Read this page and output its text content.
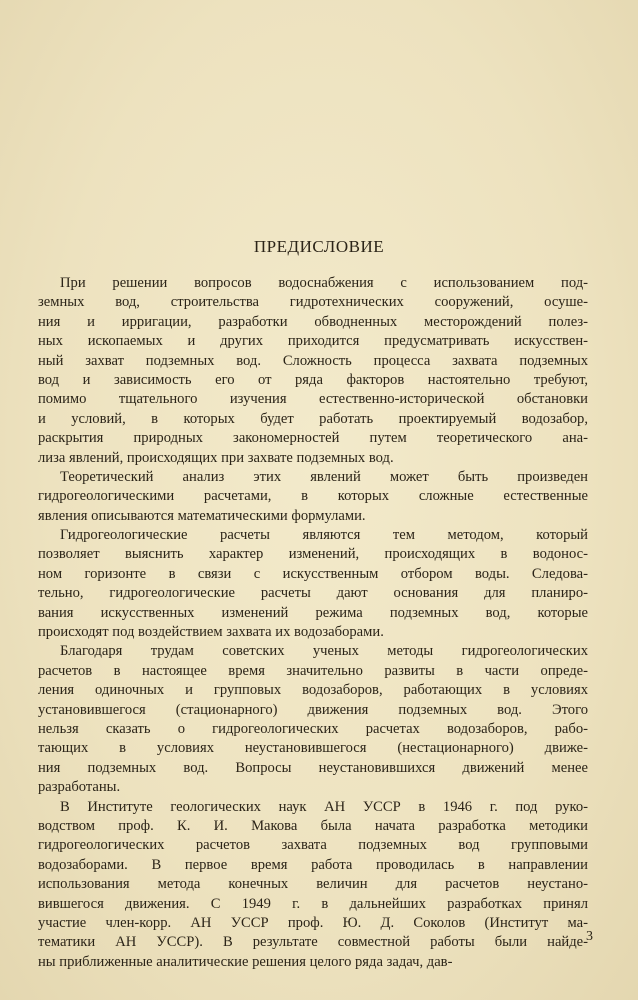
ПРЕДИСЛОВИЕ
При решении вопросов водоснабжения с использованием под-
земных вод, строительства гидротехнических сооружений, осуше-
ния и ирригации, разработки обводненных месторождений полез-
ных ископаемых и других приходится предусматривать искусствен-
ный захват подземных вод. Сложность процесса захвата подземных
вод и зависимость его от ряда факторов настоятельно требуют,
помимо тщательного изучения естественно-исторической обстановки
и условий, в которых будет работать проектируемый водозабор,
раскрытия природных закономерностей путем теоретического ана-
лиза явлений, происходящих при захвате подземных вод.
Теоретический анализ этих явлений может быть произведен
гидрогеологическими расчетами, в которых сложные естественные
явления описываются математическими формулами.
Гидрогеологические расчеты являются тем методом, который
позволяет выяснить характер изменений, происходящих в водонос-
ном горизонте в связи с искусственным отбором воды. Следова-
тельно, гидрогеологические расчеты дают основания для планиро-
вания искусственных изменений режима подземных вод, которые
происходят под воздействием захвата их водозаборами.
Благодаря трудам советских ученых методы гидрогеологических
расчетов в настоящее время значительно развиты в части опреде-
ления одиночных и групповых водозаборов, работающих в условиях
установившегося (стационарного) движения подземных вод. Этого
нельзя сказать о гидрогеологических расчетах водозаборов, рабо-
тающих в условиях неустановившегося (нестационарного) движе-
ния подземных вод. Вопросы неустановившихся движений менее
разработаны.
В Институте геологических наук АН УССР в 1946 г. под руко-
водством проф. К. И. Макова была начата разработка методики
гидрогеологических расчетов захвата подземных вод групповыми
водозаборами. В первое время работа проводилась в направлении
использования метода конечных величин для расчетов неустано-
вившегося движения. С 1949 г. в дальнейших разработках принял
участие член-корр. АН УССР проф. Ю. Д. Соколов (Институт ма-
тематики АН УССР). В результате совместной работы были найде-
ны приближенные аналитические решения целого ряда задач, дав-
3
